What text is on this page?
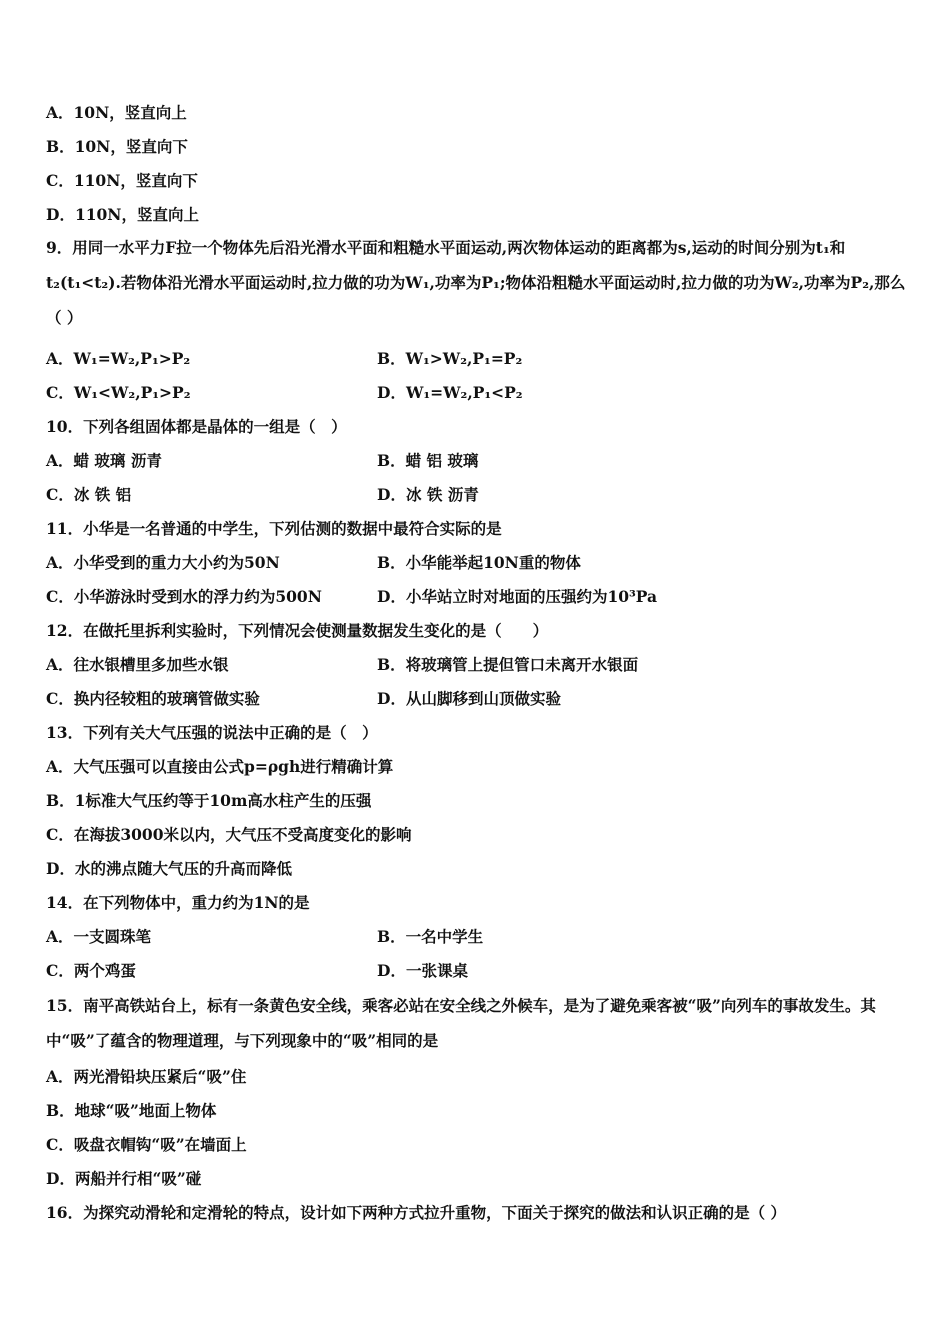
A．10N，竖直向上
B．10N，竖直向下
C．110N，竖直向下
D．110N，竖直向上
9．用同一水平力F拉一个物体先后沿光滑水平面和粗糙水平面运动,两次物体运动的距离都为s,运动的时间分别为t₁和t₂(t₁<t₂).若物体沿光滑水平面运动时,拉力做的功为W₁,功率为P₁;物体沿粗糙水平面运动时,拉力做的功为W₂,功率为P₂,那么（ ）
A．W₁=W₂,P₁>P₂	B．W₁>W₂,P₁=P₂
C．W₁<W₂,P₁>P₂	D．W₁=W₂,P₁<P₂
10．下列各组固体都是晶体的一组是（　）
A．蜡 玻璃 沥青	B．蜡 铝 玻璃
C．冰 铁 铝	D．冰 铁 沥青
11．小华是一名普通的中学生，下列估测的数据中最符合实际的是
A．小华受到的重力大小约为50N	B．小华能举起10N重的物体
C．小华游泳时受到水的浮力约为500N	D．小华站立时对地面的压强约为10³Pa
12．在做托里拆利实验时，下列情况会使测量数据发生变化的是（　　）
A．往水银槽里多加些水银	B．将玻璃管上提但管口未离开水银面
C．换内径较粗的玻璃管做实验	D．从山脚移到山顶做实验
13．下列有关大气压强的说法中正确的是（　）
A．大气压强可以直接由公式p=ρgh进行精确计算
B．1标准大气压约等于10m高水柱产生的压强
C．在海拔3000米以内，大气压不受高度变化的影响
D．水的沸点随大气压的升高而降低
14．在下列物体中，重力约为1N的是
A．一支圆珠笔	B．一名中学生
C．两个鸡蛋	D．一张课桌
15．南平高铁站台上，标有一条黄色安全线，乘客必站在安全线之外候车，是为了避免乘客被“吸”向列车的事故发生。其中“吸”了蕴含的物理道理，与下列现象中的“吸”相同的是
A．两光滑铅块压紧后“吸”住
B．地球“吸”地面上物体
C．吸盘衣帽钩“吸”在墙面上
D．两船并行相“吸”碰
16．为探究动滑轮和定滑轮的特点，设计如下两种方式拉升重物，下面关于探究的做法和认识正确的是（ ）
